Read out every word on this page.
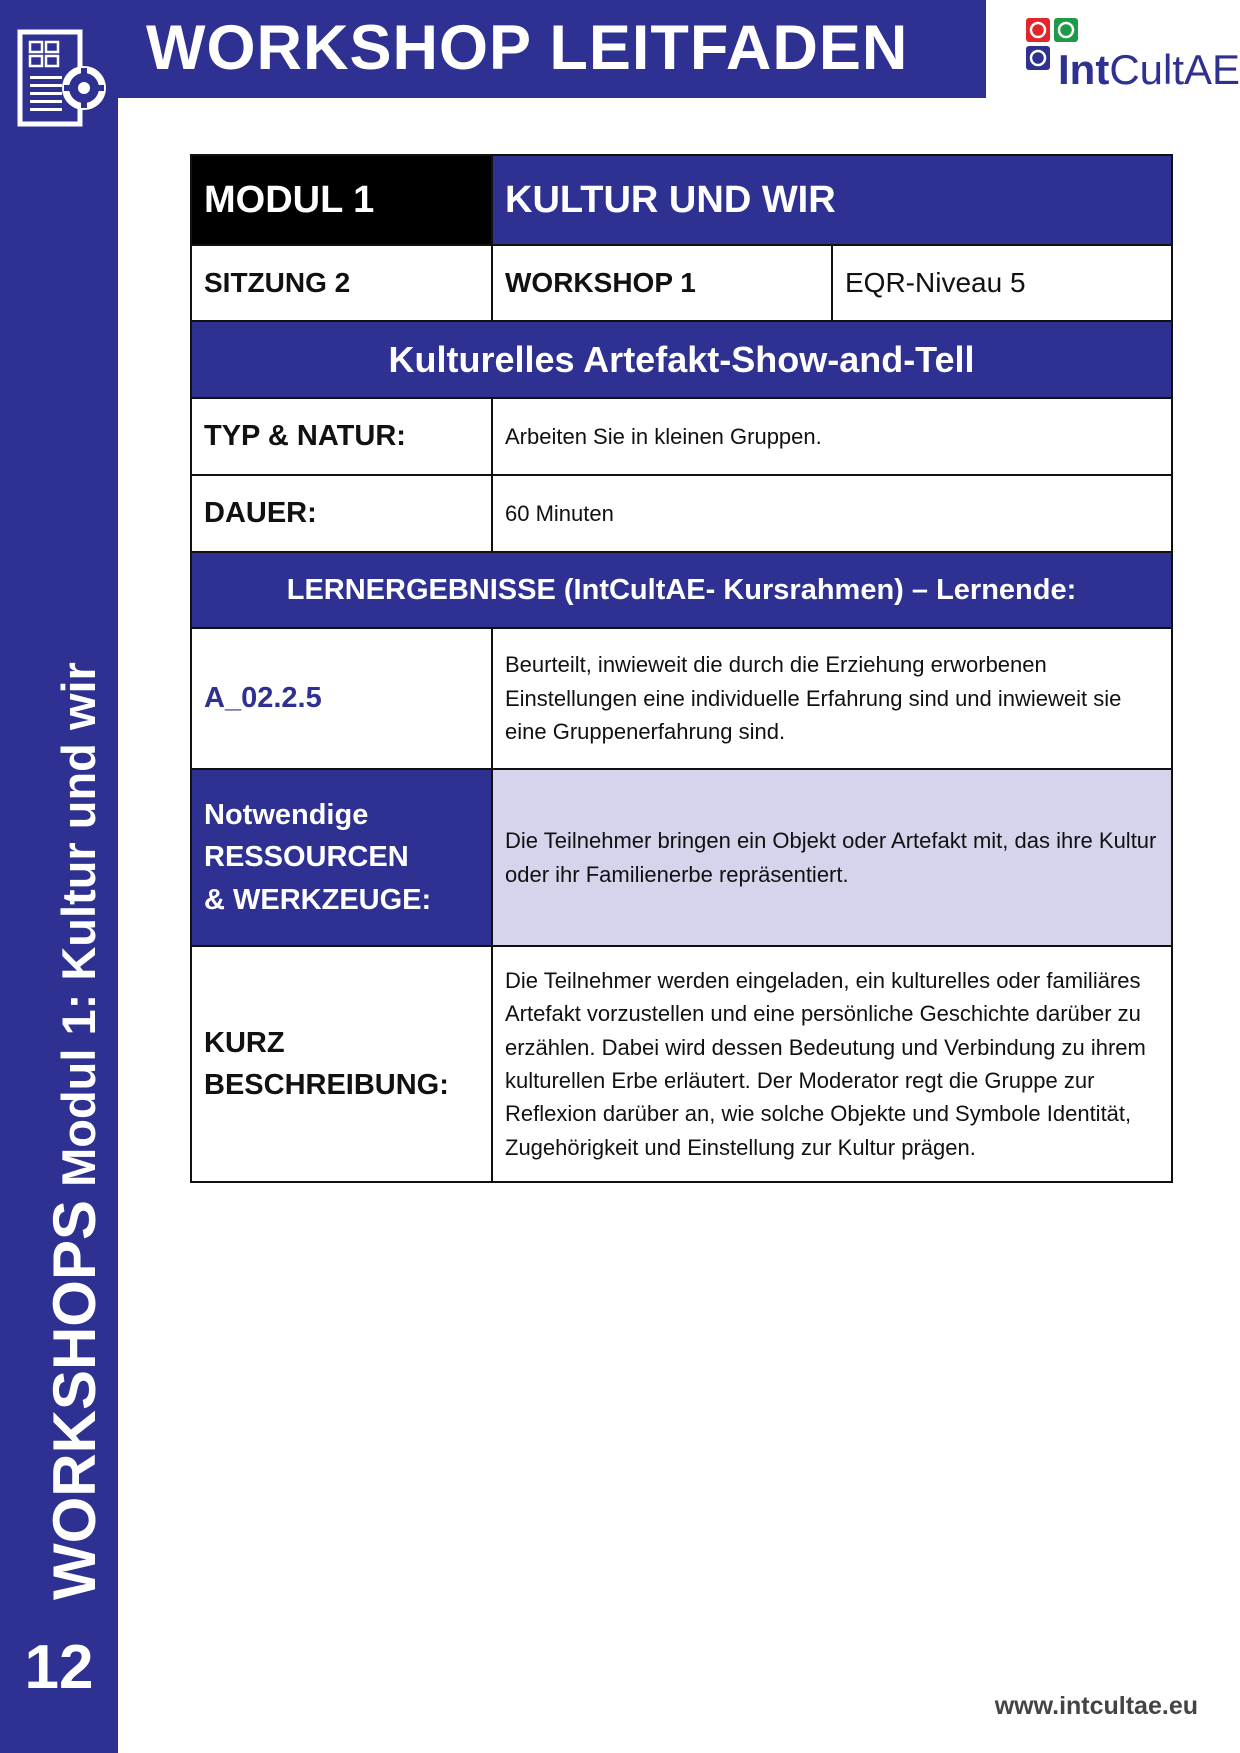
WORKSHOPS Modul 1: Kultur und wir
12
WORKSHOP LEITFADEN	IntCultAE
MODUL 1	KULTUR UND WIR	
SITZUNG 2	WORKSHOP 1	EQR-Niveau 5
Kulturelles Artefakt-Show-and-Tell		
TYP & NATUR:	Arbeiten Sie in kleinen Gruppen.	
DAUER:	60 Minuten	
LERNERGEBNISSE (IntCultAE- Kursrahmen) – Lernende:		
A_02.2.5	Beurteilt, inwieweit die durch die Erziehung erworbenen Einstellungen eine individuelle Erfahrung sind und inwieweit sie eine Gruppenerfahrung sind.	

Notwendige
RESSOURCEN
& WERKZEUGE:	Die Teilnehmer bringen ein Objekt oder Artefakt mit, das ihre Kultur oder ihr Familienerbe repräsentiert.	

KURZ
BESCHREIBUNG:	Die Teilnehmer werden eingeladen, ein kulturelles oder familiäres Artefakt vorzustellen und eine persönliche Geschichte darüber zu erzählen. Dabei wird dessen Bedeutung und Verbindung zu ihrem kulturellen Erbe erläutert. Der Moderator regt die Gruppe zur Reflexion darüber an, wie solche Objekte und Symbole Identität, Zugehörigkeit und Einstellung zur Kultur prägen.	
www.intcultae.eu
